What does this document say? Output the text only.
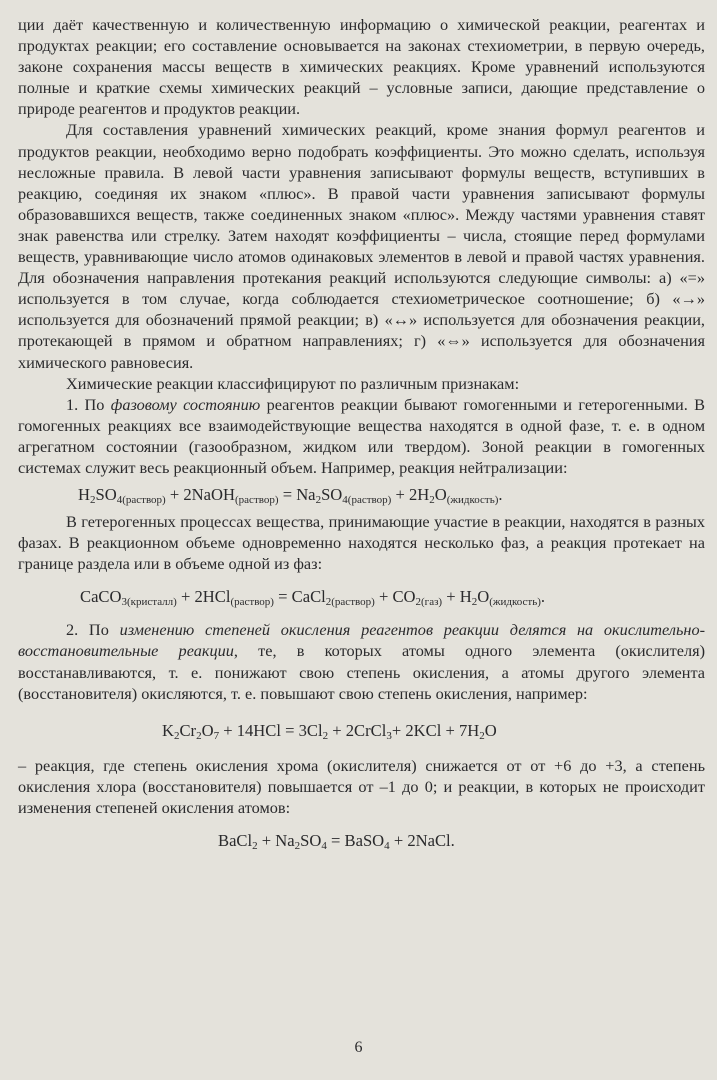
ции даёт качественную и количественную информацию о химической реакции, реагентах и продуктах реакции; его составление основывается на законах стехиометрии, в первую очередь, законе сохранения массы веществ в химических реакциях. Кроме уравнений используются полные и краткие схемы химических реакций – условные записи, дающие представление о природе реагентов и продуктов реакции.

Для составления уравнений химических реакций, кроме знания формул реагентов и продуктов реакции, необходимо верно подобрать коэффициенты. Это можно сделать, используя несложные правила. В левой части уравнения записывают формулы веществ, вступивших в реакцию, соединяя их знаком «плюс». В правой части уравнения записывают формулы образовавшихся веществ, также соединенных знаком «плюс». Между частями уравнения ставят знак равенства или стрелку. Затем находят коэффициенты – числа, стоящие перед формулами веществ, уравнивающие число атомов одинаковых элементов в левой и правой частях уравнения. Для обозначения направления протекания реакций используются следующие символы: а) «=» используется в том случае, когда соблюдается стехиометрическое соотношение; б) «→» используется для обозначений прямой реакции; в) «↔» используется для обозначения реакции, протекающей в прямом и обратном направлениях; г) «⇔» используется для обозначения химического равновесия.

Химические реакции классифицируют по различным признакам:

1. По фазовому состоянию реагентов реакции бывают гомогенными и гетерогенными. В гомогенных реакциях все взаимодействующие вещества находятся в одной фазе, т. е. в одном агрегатном состоянии (газообразном, жидком или твердом). Зоной реакции в гомогенных системах служит весь реакционный объем. Например, реакция нейтрализации:

$H_2SO_{4(раствор)}$ + 2NaOH$_{(раствор)}$ = $Na_2SO_{4(раствор)} + 2H_2O_{(жидкость)}$.

В гетерогенных процессах вещества, принимающие участие в реакции, находятся в разных фазах. В реакционном объеме одновременно находятся несколько фаз, а реакция протекает на границе раздела или в объеме одной из фаз:

CaCO$_{3(кристалл)}$ + 2HCl$_{(раствор)}$ = CaCl$_{2(раствор)}$ + $CO_{2(газ)} + H_2O_{(жидкость)}$.

2. По изменению степеней окисления реагентов реакции делятся на окислительно-восстановительные реакции, те, в которых атомы одного элемента (окислителя) восстанавливаются, т. е. понижают свою степень окисления, а атомы другого элемента (восстановителя) окисляются, т. е. повышают свою степень окисления, например:

$K_2Cr_2O_7 + 14HCl = 3Cl_2$ + 2CrCl$_3$+ $2KCl + 7H_2O$

– реакция, где степень окисления хрома (окислителя) снижается от от +6 до +3, а степень окисления хлора (восстановителя) повышается от –1 до 0; и реакции, в которых не происходит изменения степеней окисления атомов:

BaCl$_2$ + $Na_2SO_4$ = BaSO$_4$ + 2NaCl.
6
